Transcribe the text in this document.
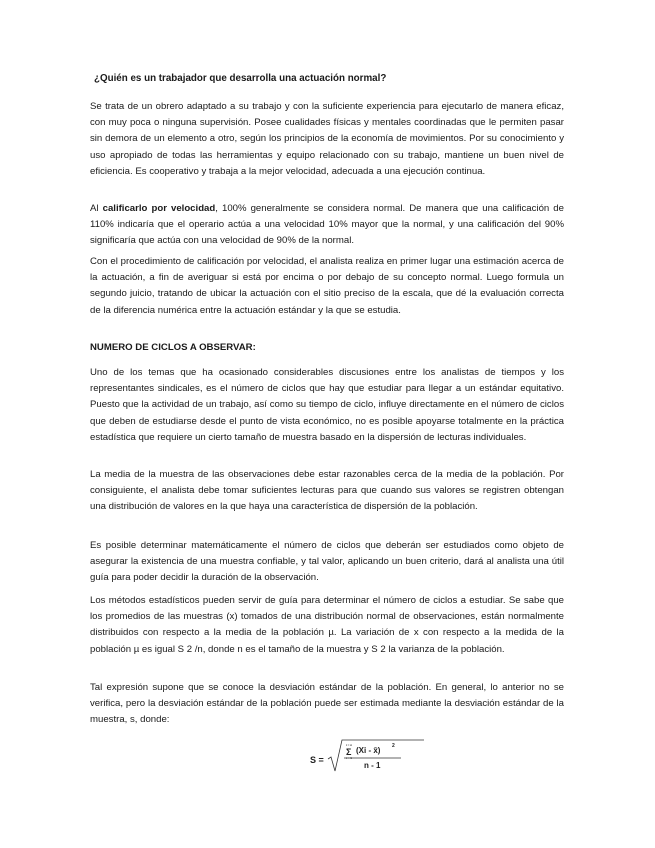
¿Quién es un trabajador que desarrolla una actuación normal?

Se trata de un obrero adaptado a su trabajo y con la suficiente experiencia para ejecutarlo de manera eficaz, con muy poca o ninguna supervisión. Posee cualidades físicas y mentales coordinadas que le permiten pasar sin demora de un elemento a otro, según los principios de la economía de movimientos. Por su conocimiento y uso apropiado de todas las herramientas y equipo relacionado con su trabajo, mantiene un buen nivel de eficiencia. Es cooperativo y trabaja a la mejor velocidad, adecuada a una ejecución continua.

Al calificarlo por velocidad, 100% generalmente se considera normal. De manera que una calificación de 110% indicaría que el operario actúa a una velocidad 10% mayor que la normal, y una calificación del 90% significaría que actúa con una velocidad de 90% de la normal.

Con el procedimiento de calificación por velocidad, el analista realiza en primer lugar una estimación acerca de la actuación, a fin de averiguar si está por encima o por debajo de su concepto normal. Luego formula un segundo juicio, tratando de ubicar la actuación con el sitio preciso de la escala, que dé la evaluación correcta de la diferencia numérica entre la actuación estándar y la que se estudia.

NUMERO DE CICLOS A OBSERVAR:

Uno de los temas que ha ocasionado considerables discusiones entre los analistas de tiempos y los representantes sindicales, es el número de ciclos que hay que estudiar para llegar a un estándar equitativo. Puesto que la actividad de un trabajo, así como su tiempo de ciclo, influye directamente en el número de ciclos que deben de estudiarse desde el punto de vista económico, no es posible apoyarse totalmente en la práctica estadística que requiere un cierto tamaño de muestra basado en la dispersión de lecturas individuales.

La media de la muestra de las observaciones debe estar razonables cerca de la media de la población. Por consiguiente, el analista debe tomar suficientes lecturas para que cuando sus valores se registren obtengan una distribución de valores en la que haya una característica de dispersión de la población.

Es posible determinar matemáticamente el número de ciclos que deberán ser estudiados como objeto de asegurar la existencia de una muestra confiable, y tal valor, aplicando un buen criterio, dará al analista una útil guía para poder decidir la duración de la observación.

Los métodos estadísticos pueden servir de guía para determinar el número de ciclos a estudiar. Se sabe que los promedios de las muestras (x) tomados de una distribución normal de observaciones, están normalmente distribuidos con respecto a la media de la población µ. La variación de x con respecto a la medida de la población µ es igual S 2 /n, donde n es el tamaño de la muestra y S 2 la varianza de la población.

Tal expresión supone que se conoce la desviación estándar de la población. En general, lo anterior no se verifica, pero la desviación estándar de la población puede ser estimada mediante la desviación estándar de la muestra, s, donde:

S =
i = n
Σ
i = 1
(Xi - x̄) 2
n - 1
